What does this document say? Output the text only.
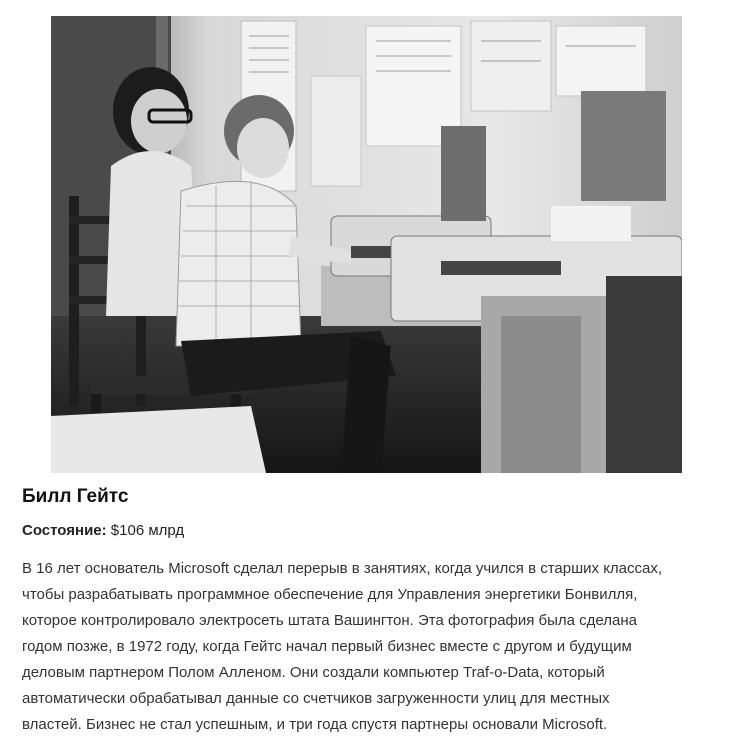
Билл Гейтс
Состояние: $106 млрд
В 16 лет основатель Microsoft сделал перерыв в занятиях, когда учился в старших классах,
чтобы разрабатывать программное обеспечение для Управления энергетики Бонвилля,
которое контролировало электросеть штата Вашингтон. Эта фотография была сделана
годом позже, в 1972 году, когда Гейтс начал первый бизнес вместе с другом и будущим
деловым партнером Полом Алленом. Они создали компьютер Traf-o-Data, который
автоматически обрабатывал данные со счетчиков загруженности улиц для местных
властей. Бизнес не стал успешным, и три года спустя партнеры основали Microsoft.
